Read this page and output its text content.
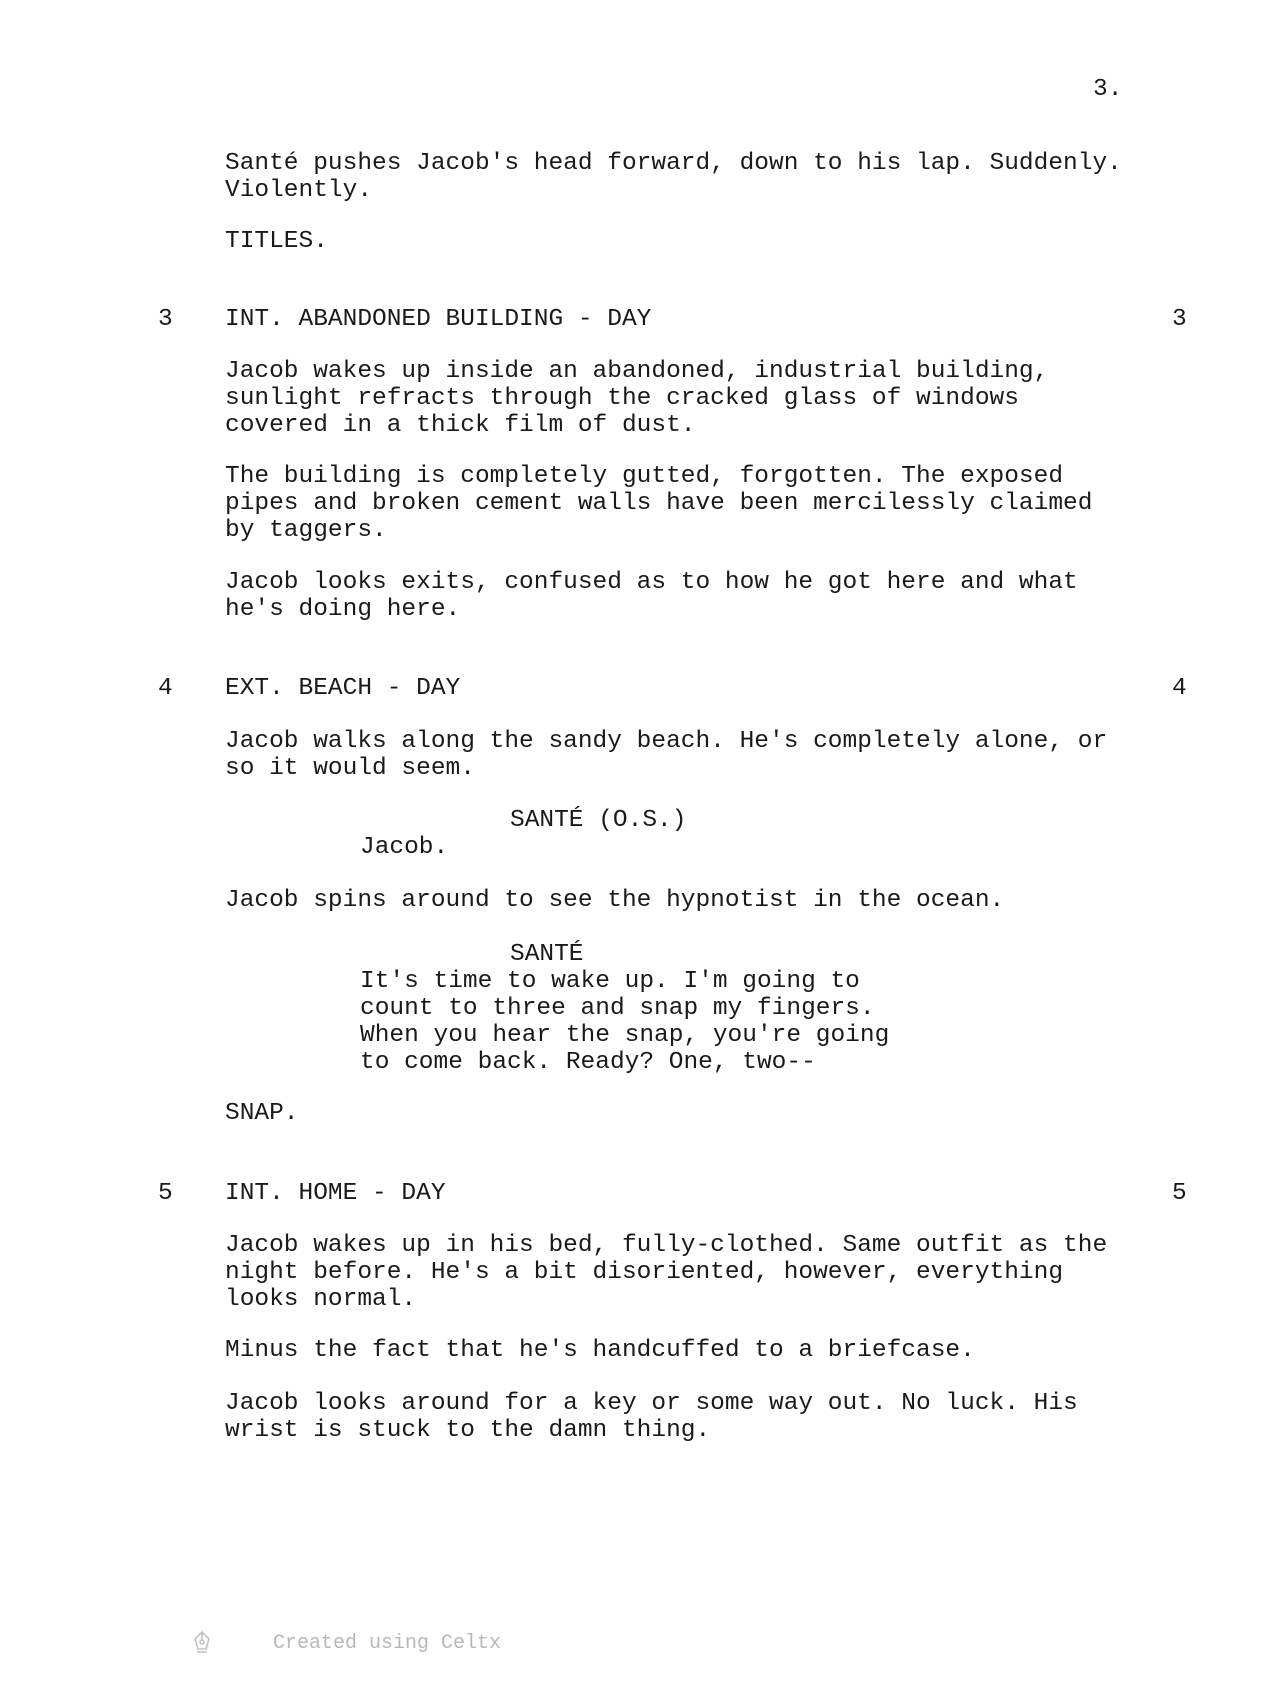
3.
Santé pushes Jacob's head forward, down to his lap. Suddenly.
Violently.
TITLES.
3 INT. ABANDONED BUILDING - DAY	3
Jacob wakes up inside an abandoned, industrial building,
sunlight refracts through the cracked glass of windows
covered in a thick film of dust.
The building is completely gutted, forgotten. The exposed
pipes and broken cement walls have been mercilessly claimed
by taggers.
Jacob looks exits, confused as to how he got here and what
he's doing here.
4 EXT. BEACH - DAY	4
Jacob walks along the sandy beach. He's completely alone, or
so it would seem.
SANTÉ (O.S.)
Jacob.
Jacob spins around to see the hypnotist in the ocean.
SANTÉ
It's time to wake up. I'm going to
count to three and snap my fingers.
When you hear the snap, you're going
to come back. Ready? One, two--
SNAP.
5 INT. HOME - DAY	5
Jacob wakes up in his bed, fully-clothed. Same outfit as the
night before. He's a bit disoriented, however, everything
looks normal.
Minus the fact that he's handcuffed to a briefcase.
Jacob looks around for a key or some way out. No luck. His
wrist is stuck to the damn thing.

Created using Celtx
